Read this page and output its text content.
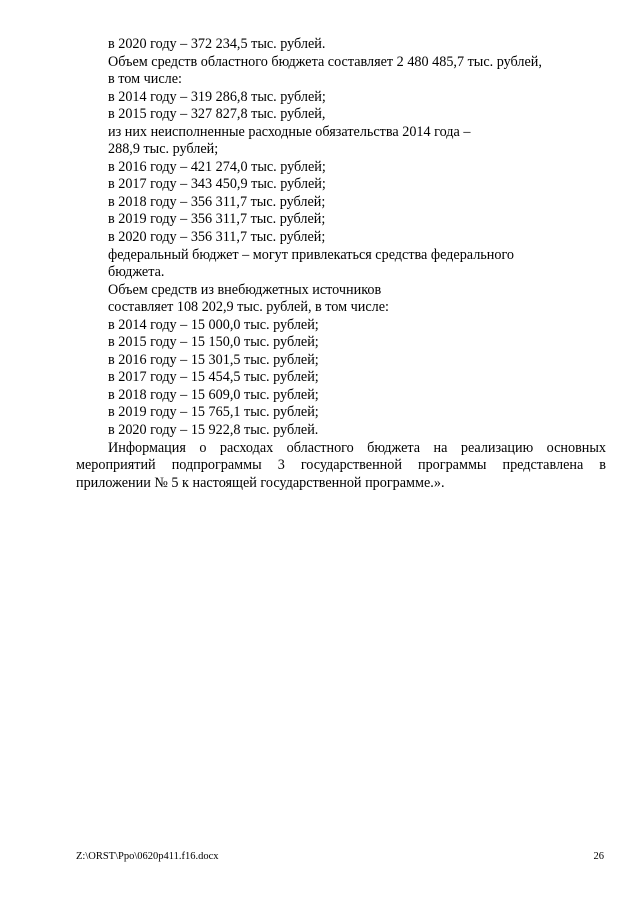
в 2020 году – 372 234,5 тыс. рублей.
Объем средств областного бюджета составляет 2 480 485,7 тыс. рублей,
в том числе:
в 2014 году – 319 286,8 тыс. рублей;
в 2015 году – 327 827,8 тыс. рублей,
из них неисполненные расходные обязательства 2014 года –
288,9 тыс. рублей;
в 2016 году – 421 274,0 тыс. рублей;
в 2017 году – 343 450,9 тыс. рублей;
в 2018 году – 356 311,7 тыс. рублей;
в 2019 году – 356 311,7 тыс. рублей;
в 2020 году – 356 311,7 тыс. рублей;
федеральный бюджет – могут привлекаться средства федерального
бюджета.
Объем средств из внебюджетных источников
составляет 108 202,9 тыс. рублей, в том числе:
в 2014 году – 15 000,0 тыс. рублей;
в 2015 году – 15 150,0 тыс. рублей;
в 2016 году – 15 301,5 тыс. рублей;
в 2017 году – 15 454,5 тыс. рублей;
в 2018 году – 15 609,0 тыс. рублей;
в 2019 году – 15 765,1 тыс. рублей;
в 2020 году – 15 922,8 тыс. рублей.

Информация о расходах областного бюджета на реализацию основных мероприятий подпрограммы 3 государственной программы представлена в приложении № 5 к настоящей государственной программе.».

Z:\ORST\Ppo\0620p411.f16.docx	26
